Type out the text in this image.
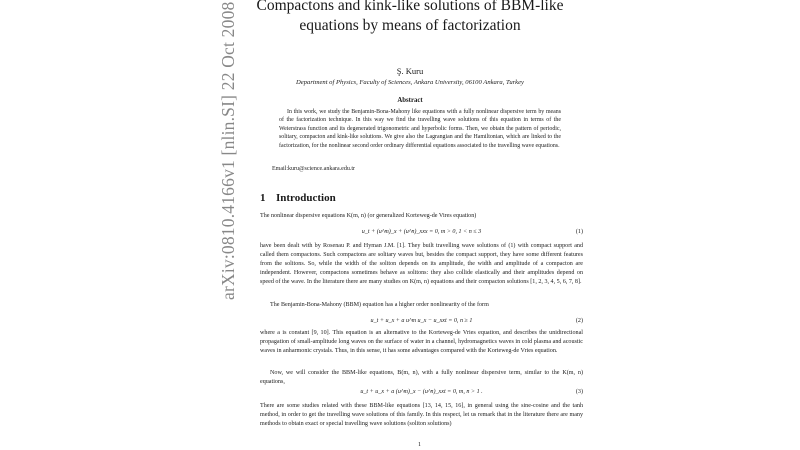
arXiv:0810.4166v1 [nlin.SI] 22 Oct 2008	Compactons and kink-like solutions of BBM-like equations by means of factorization
Ş. Kuru
Department of Physics, Faculty of Sciences, Ankara University, 06100 Ankara, Turkey
Abstract
In this work, we study the Benjamin-Bona-Mahony like equations with a fully nonlinear dispersive term by means of the factorization technique. In this way we find the travelling wave solutions of this equation in terms of the Weierstrass function and its degenerated trigonometric and hyperbolic forms. Then, we obtain the pattern of periodic, solitary, compacton and kink-like solutions. We give also the Lagrangian and the Hamiltonian, which are linked to the factorization, for the nonlinear second order ordinary differential equations associated to the travelling wave equations.
Email:kuru@science.ankara.edu.tr
1 Introduction
The nonlinear dispersive equations K(m, n) (or generalized Korteweg-de Vires equation)
u_t + (u^m)_x + (u^n)_xxx = 0, m > 0, 1 < n ≤ 3	(1)
have been dealt with by Rosenau P. and Hyman J.M. [1]. They built travelling wave solutions of (1) with compact support and called them compactons. Such compactons are solitary waves but, besides the compact support, they have some different features from the solitons. So, while the width of the soliton depends on its amplitude, the width and amplitude of a compacton are independent. However, compactons sometimes behave as solitons: they also collide elastically and their amplitudes depend on speed of the wave. In the literature there are many studies on K(m, n) equations and their compacton solutions [1, 2, 3, 4, 5, 6, 7, 8].
The Benjamin-Bona-Mahony (BBM) equation has a higher order nonlinearity of the form
u_t + u_x + a u^m u_x − u_xxt = 0, n ≥ 1	(2)
where a is constant [9, 10]. This equation is an alternative to the Korteweg-de Vries equation, and describes the unidirectional propagation of small-amplitude long waves on the surface of water in a channel, hydromagnetics waves in cold plasma and acoustic waves in anharmonic crystals. Thus, in this sense, it has some advantages compared with the Korteweg-de Vries equation.
Now, we will consider the BBM-like equations, B(m, n), with a fully nonlinear dispersive term, similar to the K(m, n) equations,
u_t + u_x + a (u^m)_x − (u^n)_xxt = 0, m, n > 1 .	(3)
There are some studies related with these BBM-like equations [13, 14, 15, 16], in general using the sine-cosine and the tanh method, in order to get the travelling wave solutions of this family. In this respect, let us remark that in the literature there are many methods to obtain exact or special travelling wave solutions (soliton solutions)
1
